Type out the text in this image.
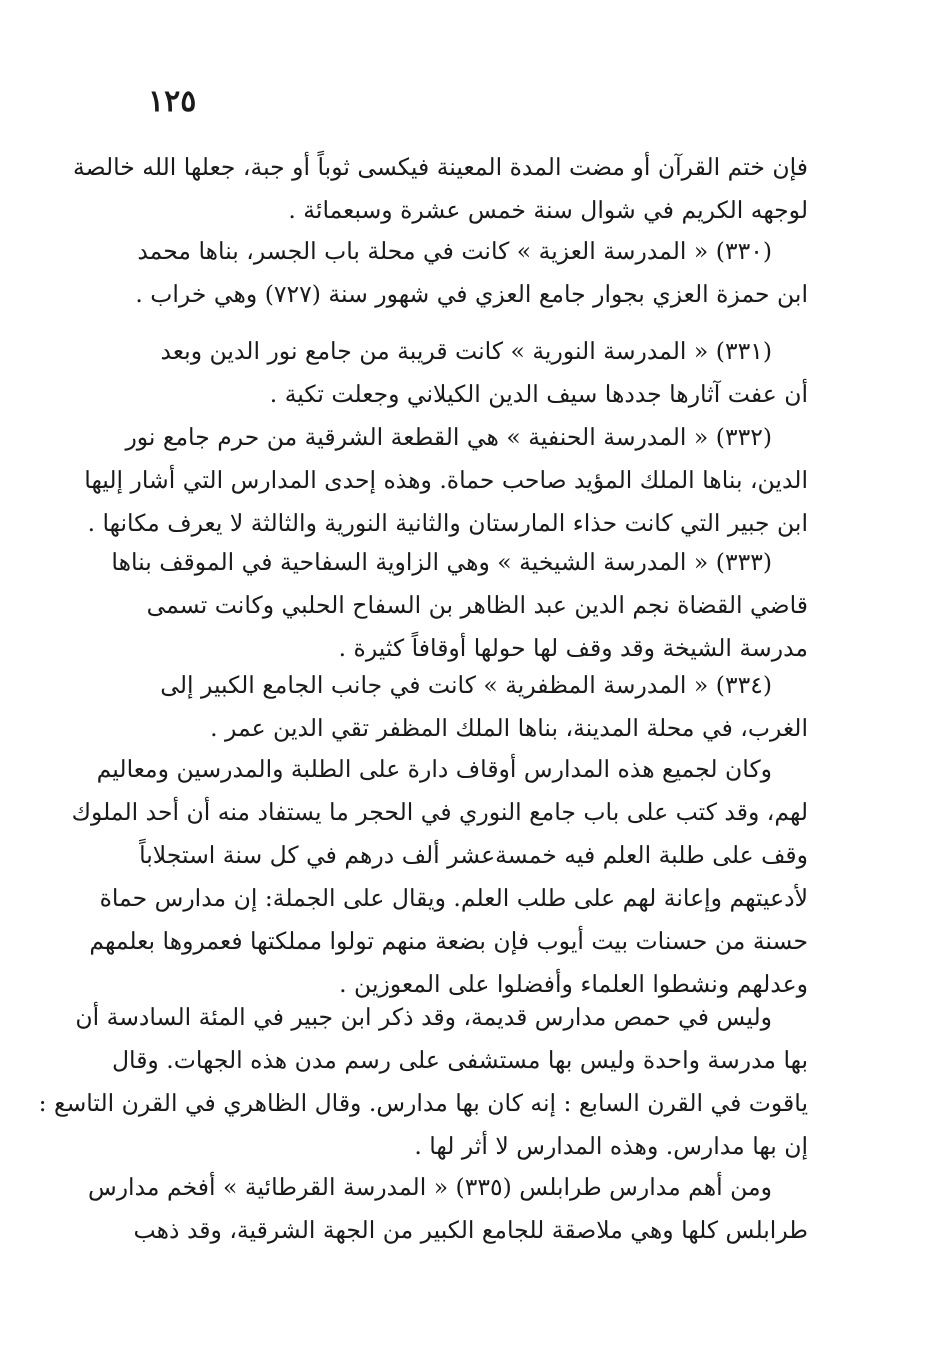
١٢٥
فإن ختم القرآن أو مضت المدة المعينة فيكسى ثوباً أو جبة، جعلها الله خالصة
لوجهه الكريم في شوال سنة خمس عشرة وسبعمائة .
(٣٣٠) « المدرسة العزية » كانت في محلة باب الجسر، بناها محمد
ابن حمزة العزي بجوار جامع العزي في شهور سنة (٧٢٧) وهي خراب .
(٣٣١) « المدرسة النورية » كانت قريبة من جامع نور الدين وبعد
أن عفت آثارها جددها سيف الدين الكيلاني وجعلت تكية .
(٣٣٢) « المدرسة الحنفية » هي القطعة الشرقية من حرم جامع نور
الدين، بناها الملك المؤيد صاحب حماة. وهذه إحدى المدارس التي أشار إليها
ابن جبير التي كانت حذاء المارستان والثانية النورية والثالثة لا يعرف مكانها .
(٣٣٣) « المدرسة الشيخية » وهي الزاوية السفاحية في الموقف بناها
قاضي القضاة نجم الدين عبد الظاهر بن السفاح الحلبي وكانت تسمى
مدرسة الشيخة وقد وقف لها حولها أوقافاً كثيرة .
(٣٣٤) « المدرسة المظفرية » كانت في جانب الجامع الكبير إلى
الغرب، في محلة المدينة، بناها الملك المظفر تقي الدين عمر .
وكان لجميع هذه المدارس أوقاف دارة على الطلبة والمدرسين ومعاليم
لهم، وقد كتب على باب جامع النوري في الحجر ما يستفاد منه أن أحد الملوك
وقف على طلبة العلم فيه خمسةعشر ألف درهم في كل سنة استجلاباً
لأدعيتهم وإعانة لهم على طلب العلم. ويقال على الجملة: إن مدارس حماة
حسنة من حسنات بيت أيوب فإن بضعة منهم تولوا مملكتها فعمروها بعلمهم
وعدلهم ونشطوا العلماء وأفضلوا على المعوزين .
وليس في حمص مدارس قديمة، وقد ذكر ابن جبير في المئة السادسة أن
بها مدرسة واحدة وليس بها مستشفى على رسم مدن هذه الجهات. وقال
ياقوت في القرن السابع : إنه كان بها مدارس. وقال الظاهري في القرن التاسع :
إن بها مدارس. وهذه المدارس لا أثر لها .
ومن أهم مدارس طرابلس (٣٣٥) « المدرسة القرطائية » أفخم مدارس
طرابلس كلها وهي ملاصقة للجامع الكبير من الجهة الشرقية، وقد ذهب
